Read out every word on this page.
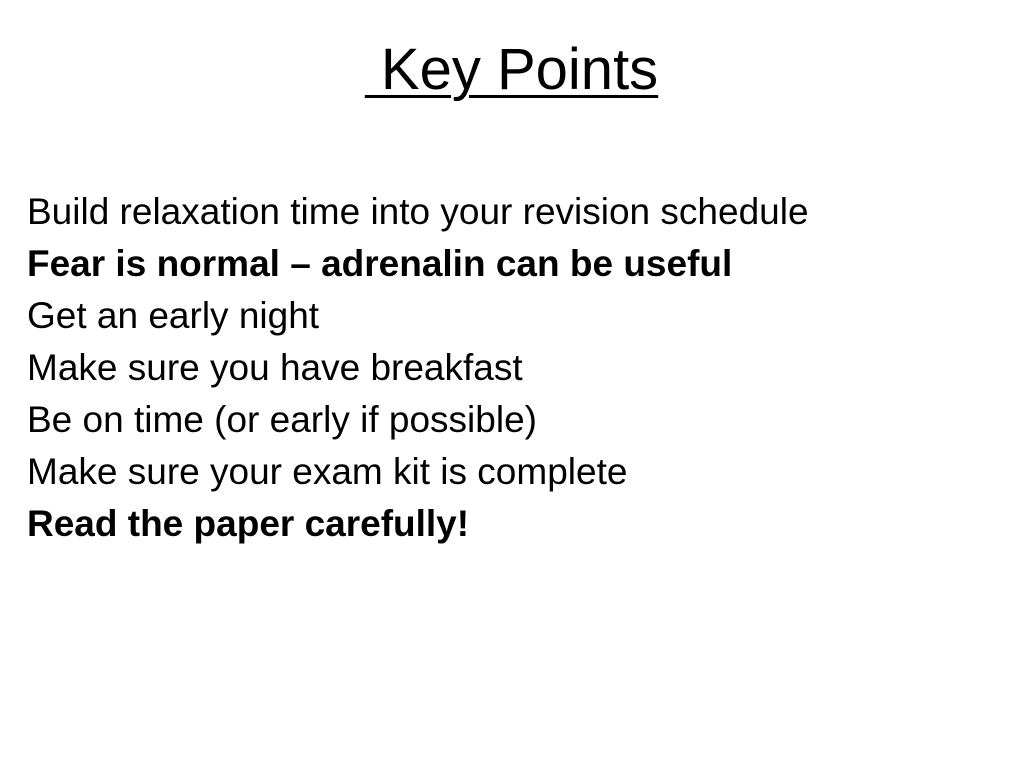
Key Points
Build relaxation time into your revision schedule
Fear is normal – adrenalin can be useful
Get an early night
Make sure you have breakfast
Be on time (or early if possible)
Make sure your exam kit is complete
Read the paper carefully!
